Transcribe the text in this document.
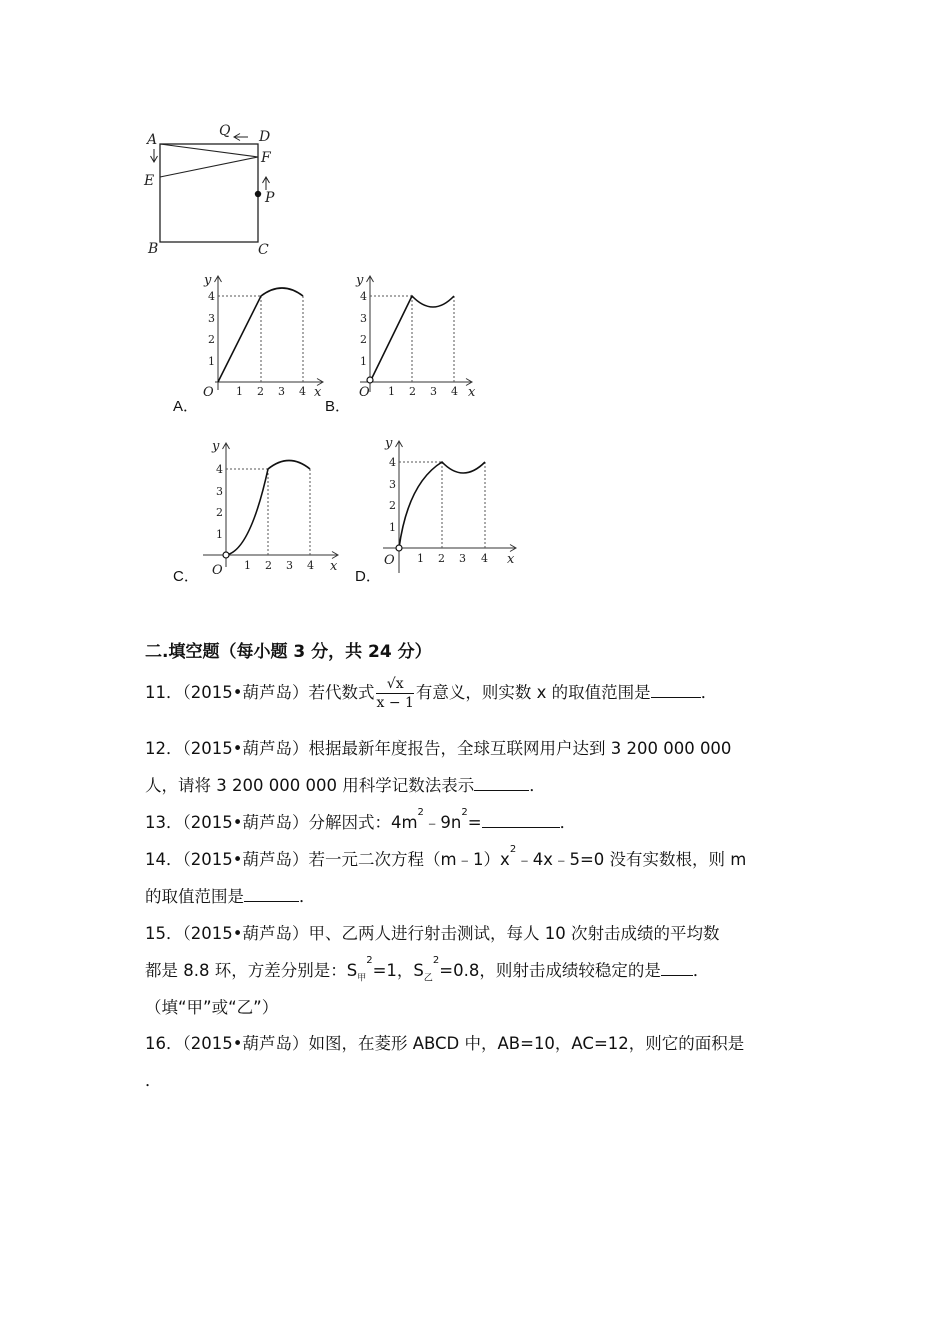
A
Q D
F
E
P
B	C
y
x
O 1 2 3 4
1
2
3
4
A．
y
x
O 1 2 3 4
1
2
3
4
B．
y
x
O 1 2 3 4
1
2
3
4
C．
y
x
O 1 2 3 4
1
2
3
4
D．
二.填空题（每小题 3 分，共 24 分）
11．（2015•葫芦岛）若代数式 $\frac{√x}{x - 1}$ 有意义，则实数 x 的取值范围是	．
12．（2015•葫芦岛）根据最新年度报告，全球互联网用户达到 3 200 000 000
人，请将 3 200 000 000 用科学记数法表示	．
13．（2015•葫芦岛）分解因式：$4m^2﹣9n^2=$	．
14．（2015•葫芦岛）若一元二次方程$(m﹣1)x^2﹣4x﹣5=0$ 没有实数根，则 m
的取值范围是	．
15．（2015•葫芦岛）甲、乙两人进行射击测试，每人 10 次射击成绩的平均数
都是 8.8 环，方差分别是：$S_甲^2=1$，$S_乙^2=0.8$，则射击成绩较稳定的是 ．
（填“甲”或“乙”）
16．（2015•葫芦岛）如图，在菱形 ABCD 中，AB=10，AC=12，则它的面积是
．
